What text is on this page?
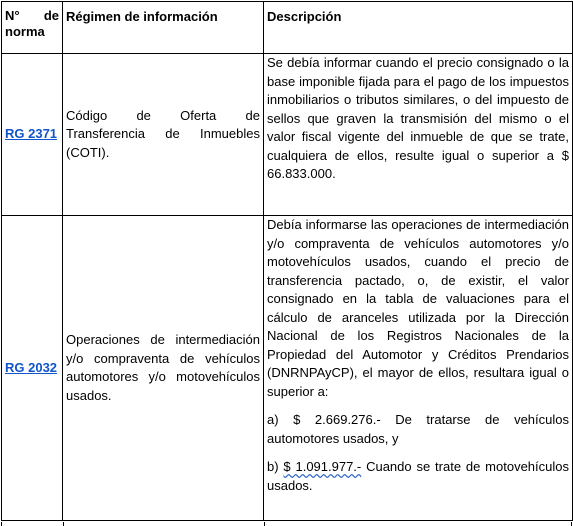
N° de
norma	Régimen de información	Descripción
RG 2371	Código de Oferta de Transferencia de Inmuebles (COTI).	Se debía informar cuando el precio consignado o la base imponible fijada para el pago de los impuestos inmobiliarios o tributos similares, o del impuesto de sellos que graven la transmisión del mismo o el valor fiscal vigente del inmueble de que se trate, cualquiera de ellos, resulte igual o superior a $ 66.833.000.

RG 2032	Operaciones de intermediación y/o compraventa de vehículos automotores y/o motovehículos usados.	Debía informarse las operaciones de intermediación y/o compraventa de vehículos automotores y/o motovehículos usados, cuando el precio de transferencia pactado, o, de existir, el valor consignado en la tabla de valuaciones para el cálculo de aranceles utilizada por la Dirección Nacional de los Registros Nacionales de la Propiedad del Automotor y Créditos Prendarios (DNRNPAyCP), el mayor de ellos, resultara igual o superior a:

a) $ 2.669.276.- De tratarse de vehículos automotores usados, y

b) $ 1.091.977.- Cuando se trate de motovehículos usados.
